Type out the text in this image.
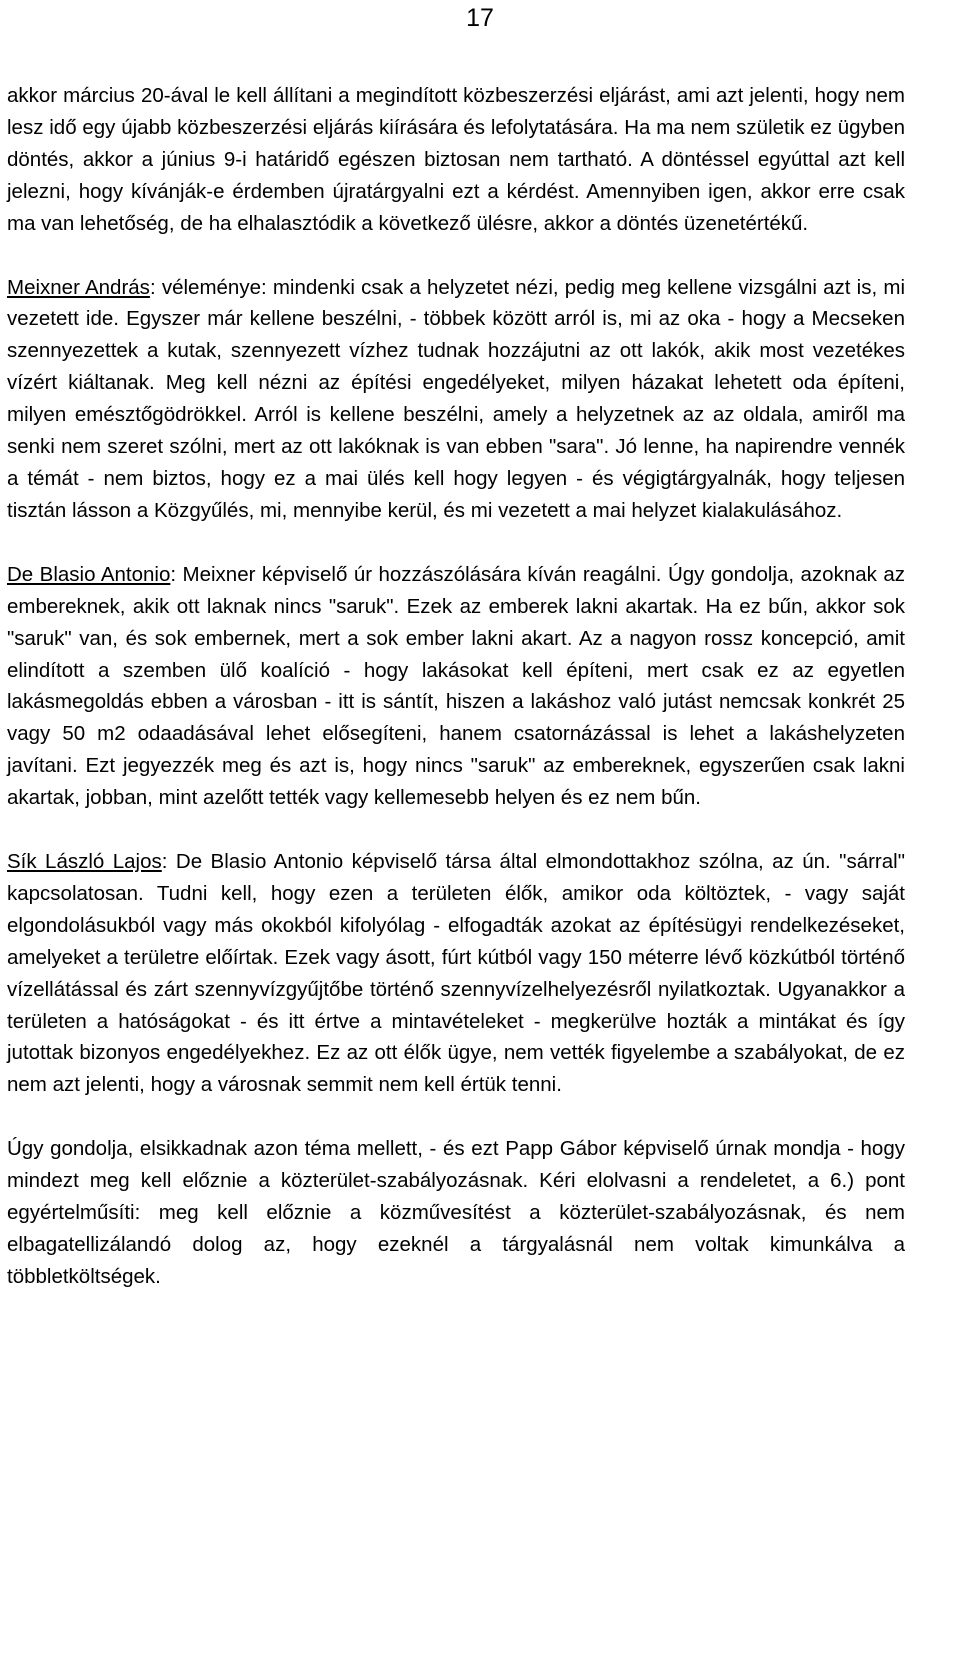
17

akkor március 20-ával le kell állítani a megindított közbeszerzési eljárást, ami azt jelenti, hogy nem lesz idő egy újabb közbeszerzési eljárás kiírására és lefolytatására. Ha ma nem születik ez ügyben döntés, akkor a június 9-i határidő egészen biztosan nem tartható. A döntéssel egyúttal azt kell jelezni, hogy kívánják-e érdemben újratárgyalni ezt a kérdést. Amennyiben igen, akkor erre csak ma van lehetőség, de ha elhalasztódik a következő ülésre, akkor a döntés üzenetértékű.

Meixner András: véleménye: mindenki csak a helyzetet nézi, pedig meg kellene vizsgálni azt is, mi vezetett ide. Egyszer már kellene beszélni, - többek között arról is, mi az oka - hogy a Mecseken szennyezettek a kutak, szennyezett vízhez tudnak hozzájutni az ott lakók, akik most vezetékes vízért kiáltanak. Meg kell nézni az építési engedélyeket, milyen házakat lehetett oda építeni, milyen emésztőgödrökkel. Arról is kellene beszélni, amely a helyzetnek az az oldala, amiről ma senki nem szeret szólni, mert az ott lakóknak is van ebben "sara". Jó lenne, ha napirendre vennék a témát - nem biztos, hogy ez a mai ülés kell hogy legyen - és végigtárgyalnák, hogy teljesen tisztán lásson a Közgyűlés, mi, mennyibe kerül, és mi vezetett a mai helyzet kialakulásához.

De Blasio Antonio: Meixner képviselő úr hozzászólására kíván reagálni. Úgy gondolja, azoknak az embereknek, akik ott laknak nincs "saruk". Ezek az emberek lakni akartak. Ha ez bűn, akkor sok "saruk" van, és sok embernek, mert a sok ember lakni akart. Az a nagyon rossz koncepció, amit elindított a szemben ülő koalíció - hogy lakásokat kell építeni, mert csak ez az egyetlen lakásmegoldás ebben a városban - itt is sántít, hiszen a lakáshoz való jutást nemcsak konkrét 25 vagy 50 m2 odaadásával lehet elősegíteni, hanem csatornázással is lehet a lakáshelyzeten javítani. Ezt jegyezzék meg és azt is, hogy nincs "saruk" az embereknek, egyszerűen csak lakni akartak, jobban, mint azelőtt tették vagy kellemesebb helyen és ez nem bűn.

Sík László Lajos: De Blasio Antonio képviselő társa által elmondottakhoz szólna, az ún. "sárral" kapcsolatosan. Tudni kell, hogy ezen a területen élők, amikor oda költöztek, - vagy saját elgondolásukból vagy más okokból kifolyólag - elfogadták azokat az építésügyi rendelkezéseket, amelyeket a területre előírtak. Ezek vagy ásott, fúrt kútból vagy 150 méterre lévő közkútból történő vízellátással és zárt szennyvízgyűjtőbe történő szennyvízelhelyezésről nyilatkoztak. Ugyanakkor a területen a hatóságokat - és itt értve a mintavételeket - megkerülve hozták a mintákat és így jutottak bizonyos engedélyekhez. Ez az ott élők ügye, nem vették figyelembe a szabályokat, de ez nem azt jelenti, hogy a városnak semmit nem kell értük tenni.

Úgy gondolja, elsikkadnak azon téma mellett, - és ezt Papp Gábor képviselő úrnak mondja - hogy mindezt meg kell előznie a közterület-szabályozásnak. Kéri elolvasni a rendeletet, a 6.) pont egyértelműsíti: meg kell előznie a közművesítést a közterület-szabályozásnak, és nem elbagatellizálandó dolog az, hogy ezeknél a tárgyalásnál nem voltak kimunkálva a többletköltségek.
